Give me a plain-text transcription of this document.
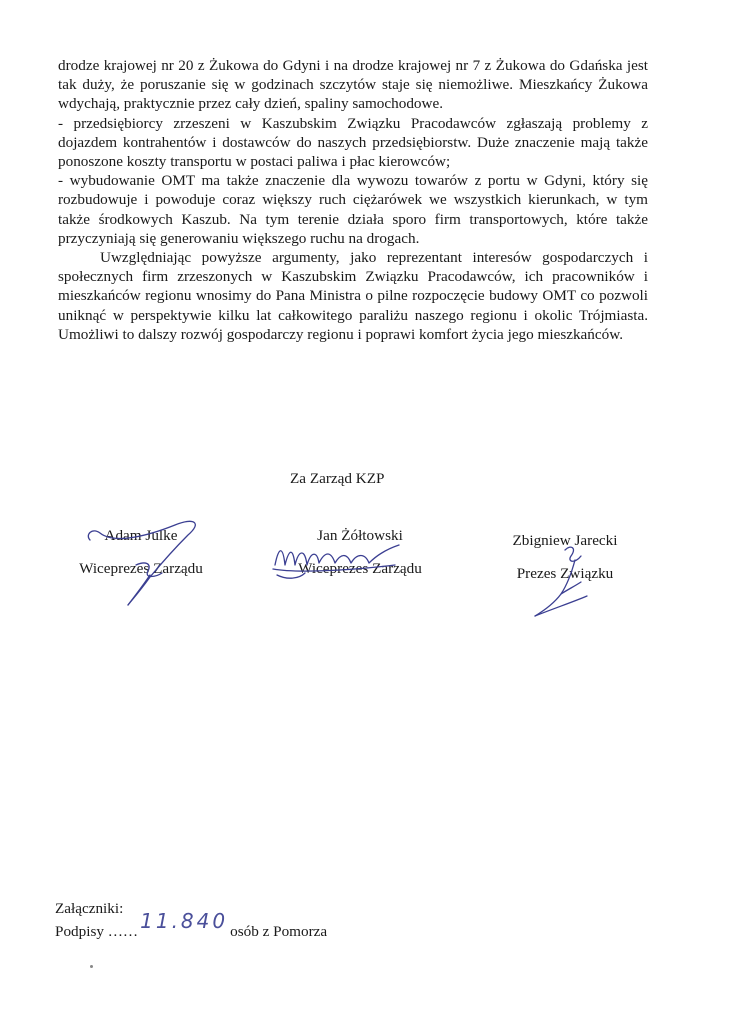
drodze krajowej nr 20 z Żukowa do Gdyni i na drodze krajowej nr 7 z Żukowa do Gdańska jest tak duży, że poruszanie się w godzinach szczytów staje się niemożliwe. Mieszkańcy Żukowa wdychają, praktycznie przez cały dzień, spaliny samochodowe.

- przedsiębiorcy zrzeszeni w Kaszubskim Związku Pracodawców zgłaszają problemy z dojazdem kontrahentów i dostawców do naszych przedsiębiorstw. Duże znaczenie mają także ponoszone koszty transportu w postaci paliwa i płac kierowców;

- wybudowanie OMT ma także znaczenie dla wywozu towarów z portu w Gdyni, który się rozbudowuje i powoduje coraz większy ruch ciężarówek we wszystkich kierunkach, w tym także środkowych Kaszub. Na tym terenie działa sporo firm transportowych, które także przyczyniają się generowaniu większego ruchu na drogach.

Uwzględniając powyższe argumenty, jako reprezentant interesów gospodarczych i społecznych firm zrzeszonych w Kaszubskim Związku Pracodawców, ich pracowników i mieszkańców regionu wnosimy do Pana Ministra o pilne rozpoczęcie budowy OMT co pozwoli uniknąć w perspektywie kilku lat całkowitego paraliżu naszego regionu i okolic Trójmiasta. Umożliwi to dalszy rozwój gospodarczy regionu i poprawi komfort życia jego mieszkańców.

Za Zarząd KZP
Adam Julke
Wiceprezes Zarządu
Jan Żółtowski
Wiceprezes Zarządu
Zbigniew Jarecki
Prezes Związku
Załączniki:
Podpisy …… 11.840 osób z Pomorza
